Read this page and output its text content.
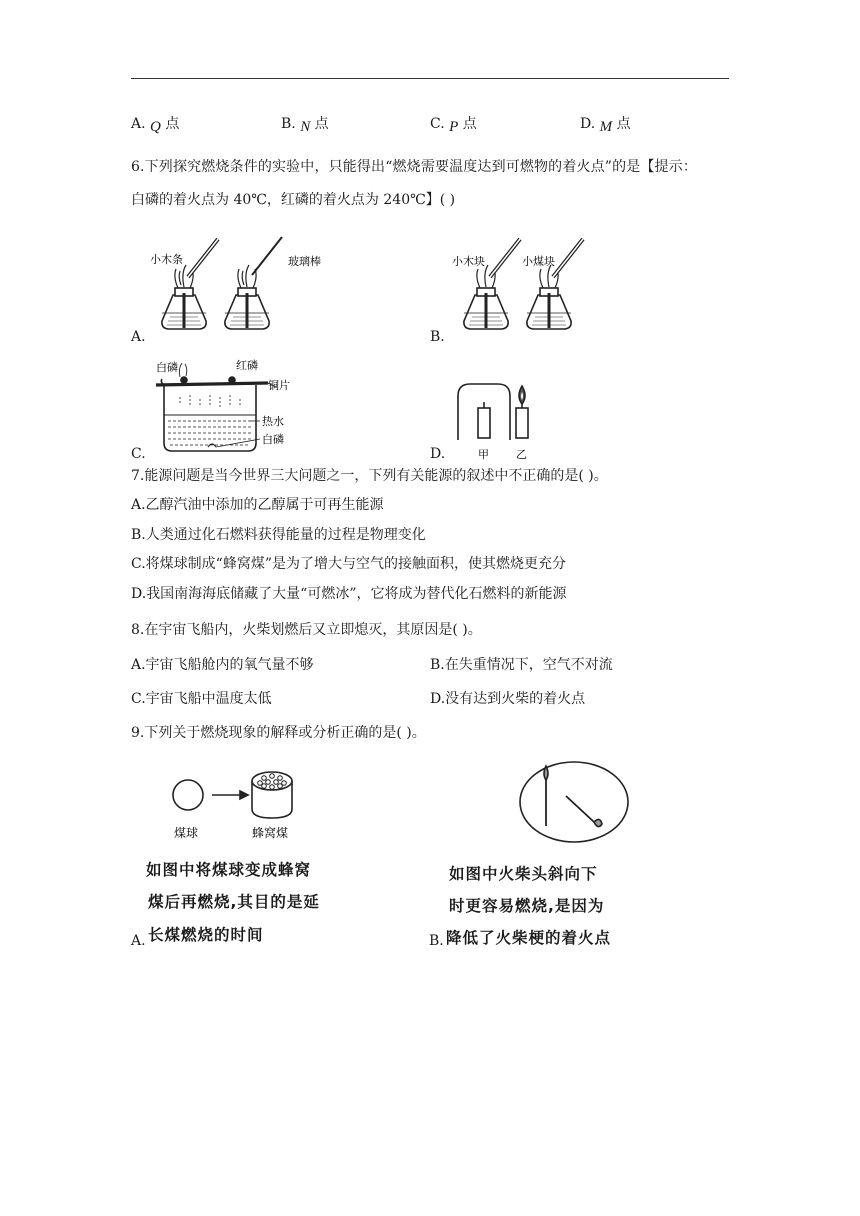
A. Q 点	B. N 点	C. P 点	D. M 点
6.下列探究燃烧条件的实验中，只能得出“燃烧需要温度达到可燃物的着火点”的是【提示：
白磷的着火点为 40℃，红磷的着火点为 240℃】( )
A.
小木条	玻璃棒
B.
小木块	小煤块
C.
白磷	红磷
铜片
热水
白磷
D.	甲 乙
7.能源问题是当今世界三大问题之一，下列有关能源的叙述中不正确的是( )。
A.乙醇汽油中添加的乙醇属于可再生能源
B.人类通过化石燃料获得能量的过程是物理变化
C.将煤球制成“蜂窝煤”是为了增大与空气的接触面积，使其燃烧更充分
D.我国南海海底储藏了大量“可燃冰”，它将成为替代化石燃料的新能源
8.在宇宙飞船内，火柴划燃后又立即熄灭，其原因是( )。
A.宇宙飞船舱内的氧气量不够	B.在失重情况下，空气不对流
C.宇宙飞船中温度太低	D.没有达到火柴的着火点
9.下列关于燃烧现象的解释或分析正确的是( )。
煤球	蜂窝煤
如图中将煤球变成蜂窝
煤后再燃烧,其目的是延
长煤燃烧的时间
A.
如图中火柴头斜向下
时更容易燃烧,是因为
降低了火柴梗的着火点
B.
